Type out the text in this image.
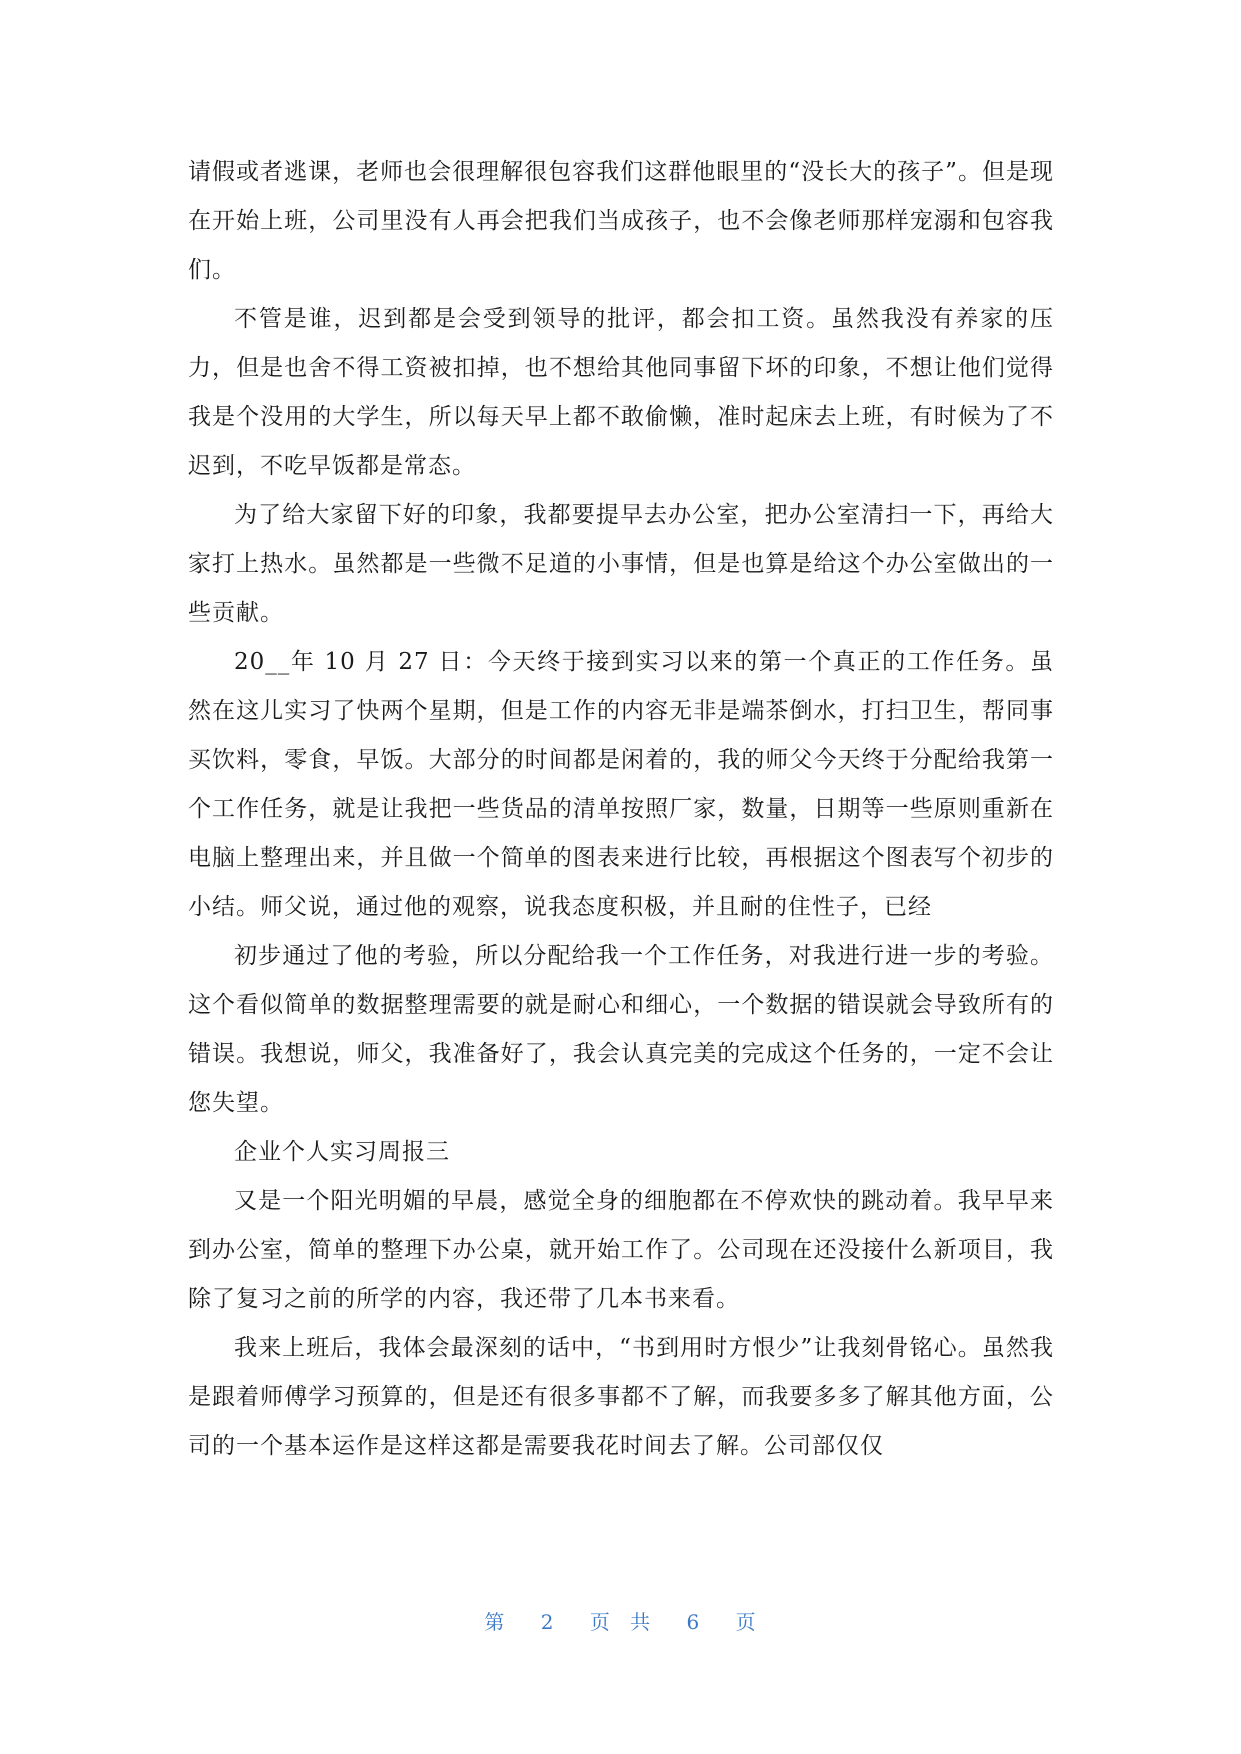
请假或者逃课，老师也会很理解很包容我们这群他眼里的“没长大的孩子”。但是现在开始上班，公司里没有人再会把我们当成孩子，也不会像老师那样宠溺和包容我们。

不管是谁，迟到都是会受到领导的批评，都会扣工资。虽然我没有养家的压力，但是也舍不得工资被扣掉，也不想给其他同事留下坏的印象，不想让他们觉得我是个没用的大学生，所以每天早上都不敢偷懒，准时起床去上班，有时候为了不迟到，不吃早饭都是常态。

为了给大家留下好的印象，我都要提早去办公室，把办公室清扫一下，再给大家打上热水。虽然都是一些微不足道的小事情，但是也算是给这个办公室做出的一些贡献。

20__年 10 月 27 日：今天终于接到实习以来的第一个真正的工作任务。虽然在这儿实习了快两个星期，但是工作的内容无非是端茶倒水，打扫卫生，帮同事买饮料，零食，早饭。大部分的时间都是闲着的，我的师父今天终于分配给我第一个工作任务，就是让我把一些货品的清单按照厂家，数量，日期等一些原则重新在电脑上整理出来，并且做一个简单的图表来进行比较，再根据这个图表写个初步的小结。师父说，通过他的观察，说我态度积极，并且耐的住性子，已经

初步通过了他的考验，所以分配给我一个工作任务，对我进行进一步的考验。这个看似简单的数据整理需要的就是耐心和细心，一个数据的错误就会导致所有的错误。我想说，师父，我准备好了，我会认真完美的完成这个任务的，一定不会让您失望。

企业个人实习周报三

又是一个阳光明媚的早晨，感觉全身的细胞都在不停欢快的跳动着。我早早来到办公室，简单的整理下办公桌，就开始工作了。公司现在还没接什么新项目，我除了复习之前的所学的内容，我还带了几本书来看。

我来上班后，我体会最深刻的话中，“书到用时方恨少”让我刻骨铭心。虽然我是跟着师傅学习预算的，但是还有很多事都不了解，而我要多多了解其他方面，公司的一个基本运作是这样这都是需要我花时间去了解。公司部仅仅

第 2 页 共 6 页
